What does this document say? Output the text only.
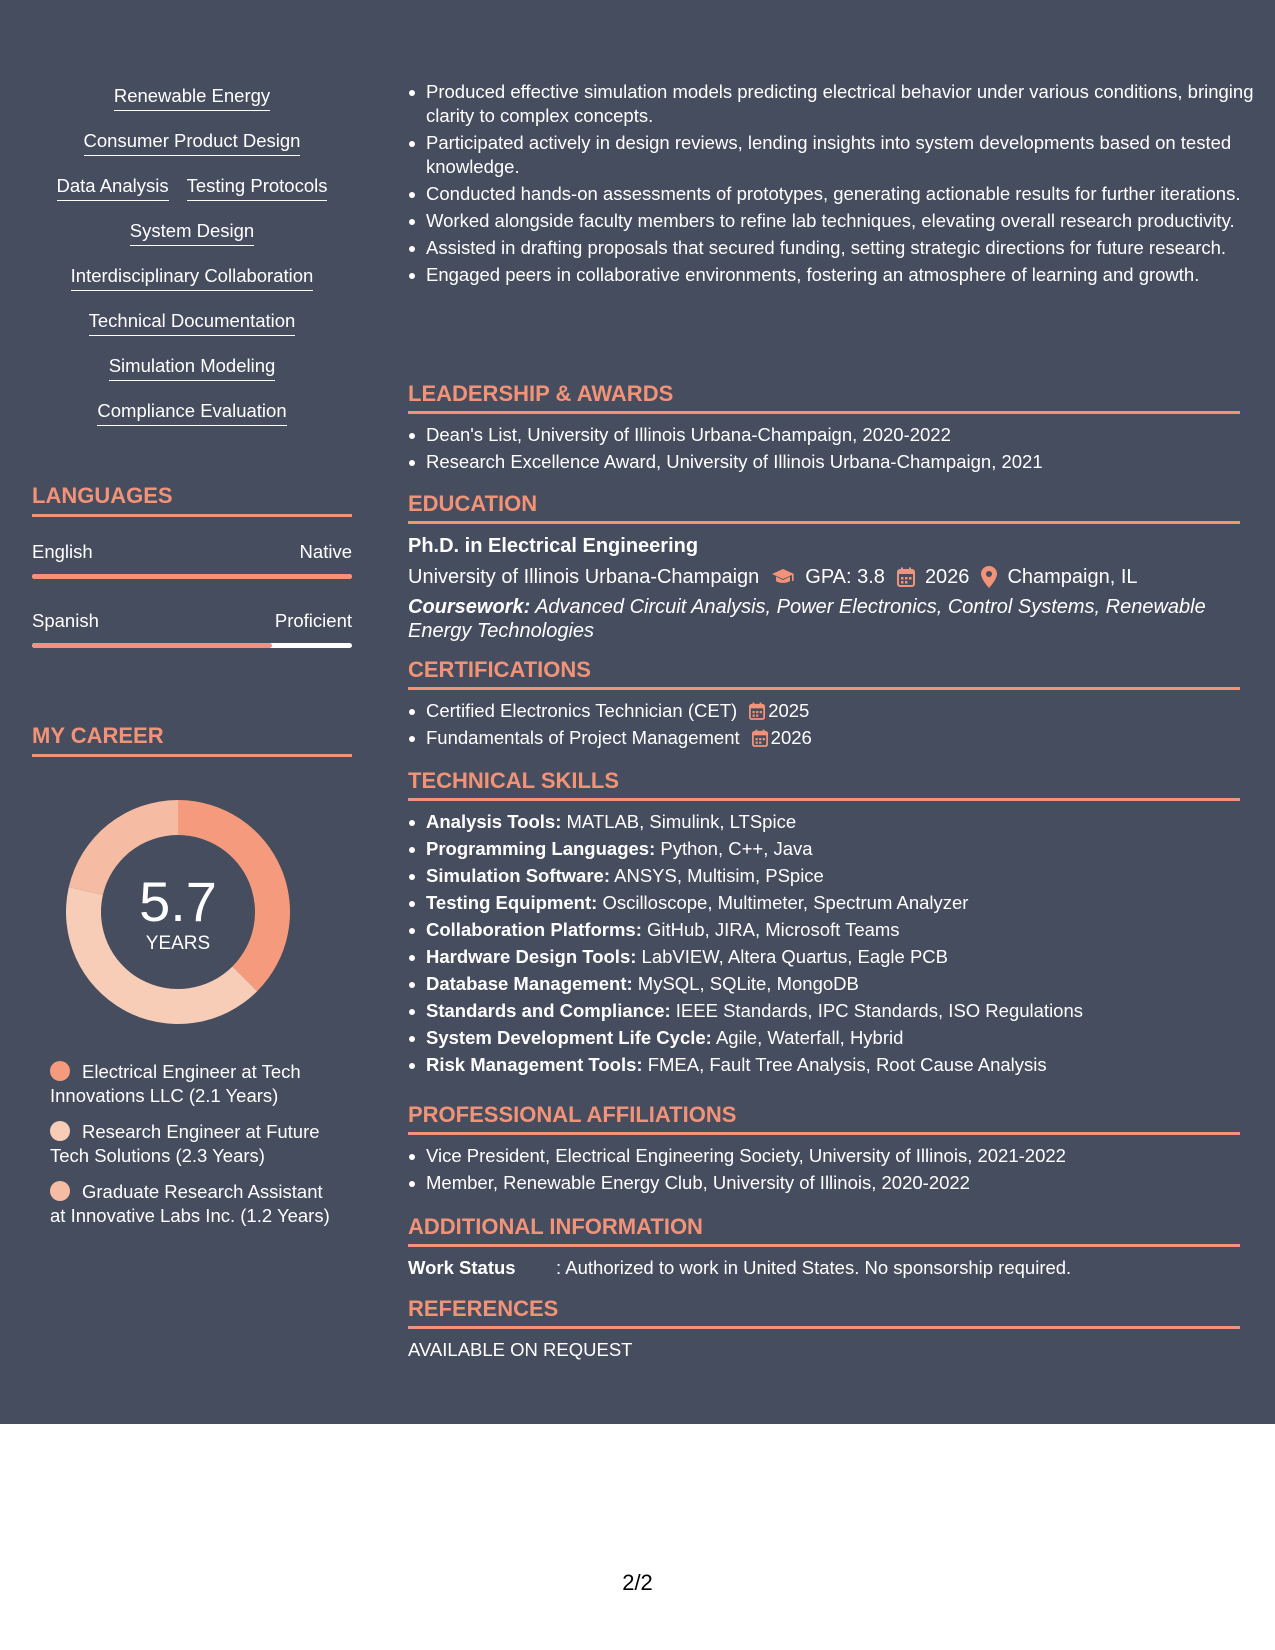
Renewable Energy
Consumer Product Design
Data Analysis Testing Protocols
System Design
Interdisciplinary Collaboration
Technical Documentation
Simulation Modeling
Compliance Evaluation
LANGUAGES
English	Native
Spanish	Proficient
MY CAREER
5.7
YEARS
Electrical Engineer at Tech Innovations LLC (2.1 Years)
Research Engineer at Future Tech Solutions (2.3 Years)
Graduate Research Assistant at Innovative Labs Inc. (1.2 Years)
Produced effective simulation models predicting electrical behavior under various conditions, bringing clarity to complex concepts.
Participated actively in design reviews, lending insights into system developments based on tested knowledge.
Conducted hands-on assessments of prototypes, generating actionable results for further iterations.
Worked alongside faculty members to refine lab techniques, elevating overall research productivity.
Assisted in drafting proposals that secured funding, setting strategic directions for future research.
Engaged peers in collaborative environments, fostering an atmosphere of learning and growth.
LEADERSHIP & AWARDS
Dean's List, University of Illinois Urbana-Champaign, 2020-2022
Research Excellence Award, University of Illinois Urbana-Champaign, 2021
EDUCATION
Ph.D. in Electrical Engineering
University of Illinois Urbana-Champaign GPA: 3.8 2026 Champaign, IL
Coursework: Advanced Circuit Analysis, Power Electronics, Control Systems, Renewable Energy Technologies
CERTIFICATIONS
Certified Electronics Technician (CET) 2025
Fundamentals of Project Management 2026
TECHNICAL SKILLS
Analysis Tools: MATLAB, Simulink, LTSpice
Programming Languages: Python, C++, Java
Simulation Software: ANSYS, Multisim, PSpice
Testing Equipment: Oscilloscope, Multimeter, Spectrum Analyzer
Collaboration Platforms: GitHub, JIRA, Microsoft Teams
Hardware Design Tools: LabVIEW, Altera Quartus, Eagle PCB
Database Management: MySQL, SQLite, MongoDB
Standards and Compliance: IEEE Standards, IPC Standards, ISO Regulations
System Development Life Cycle: Agile, Waterfall, Hybrid
Risk Management Tools: FMEA, Fault Tree Analysis, Root Cause Analysis
PROFESSIONAL AFFILIATIONS
Vice President, Electrical Engineering Society, University of Illinois, 2021-2022
Member, Renewable Energy Club, University of Illinois, 2020-2022
ADDITIONAL INFORMATION
Work Status	: Authorized to work in United States. No sponsorship required.
REFERENCES
AVAILABLE ON REQUEST
2/2
